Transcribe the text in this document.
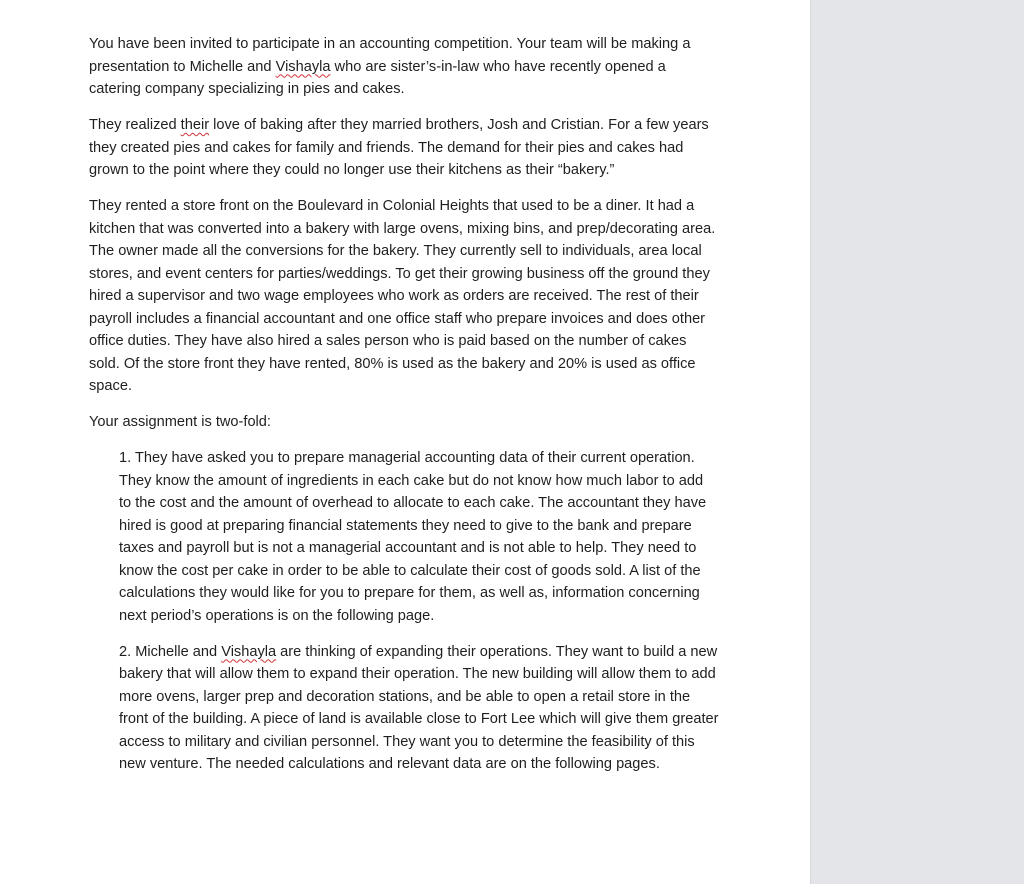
You have been invited to participate in an accounting competition. Your team will be making a presentation to Michelle and Vishayla who are sister’s-in-law who have recently opened a catering company specializing in pies and cakes.

They realized their love of baking after they married brothers, Josh and Cristian. For a few years they created pies and cakes for family and friends. The demand for their pies and cakes had grown to the point where they could no longer use their kitchens as their “bakery.”

They rented a store front on the Boulevard in Colonial Heights that used to be a diner. It had a kitchen that was converted into a bakery with large ovens, mixing bins, and prep/decorating area. The owner made all the conversions for the bakery. They currently sell to individuals, area local stores, and event centers for parties/weddings. To get their growing business off the ground they hired a supervisor and two wage employees who work as orders are received. The rest of their payroll includes a financial accountant and one office staff who prepare invoices and does other office duties. They have also hired a sales person who is paid based on the number of cakes sold. Of the store front they have rented, 80% is used as the bakery and 20% is used as office space.

Your assignment is two-fold:

1. They have asked you to prepare managerial accounting data of their current operation. They know the amount of ingredients in each cake but do not know how much labor to add to the cost and the amount of overhead to allocate to each cake. The accountant they have hired is good at preparing financial statements they need to give to the bank and prepare taxes and payroll but is not a managerial accountant and is not able to help. They need to know the cost per cake in order to be able to calculate their cost of goods sold. A list of the calculations they would like for you to prepare for them, as well as, information concerning next period’s operations is on the following page.

2. Michelle and Vishayla are thinking of expanding their operations. They want to build a new bakery that will allow them to expand their operation. The new building will allow them to add more ovens, larger prep and decoration stations, and be able to open a retail store in the front of the building. A piece of land is available close to Fort Lee which will give them greater access to military and civilian personnel. They want you to determine the feasibility of this new venture. The needed calculations and relevant data are on the following pages.
